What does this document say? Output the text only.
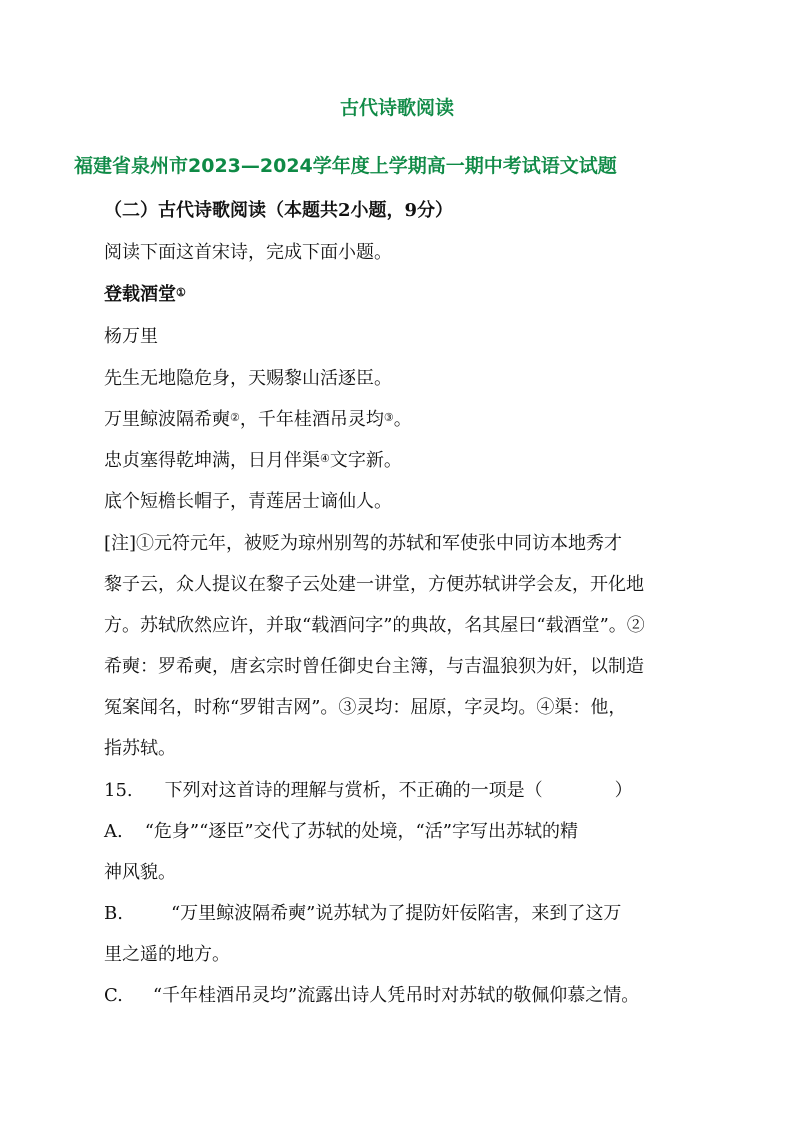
古代诗歌阅读
福建省泉州市2023—2024学年度上学期高一期中考试语文试题
（二）古代诗歌阅读（本题共2小题，9分）
阅读下面这首宋诗，完成下面小题。
登载酒堂①
杨万里
先生无地隐危身，天赐黎山活逐臣。
万里鲸波隔希奭②，千年桂酒吊灵均③。
忠贞塞得乾坤满，日月伴渠④文字新。
底个短檐长帽子，青莲居士谪仙人。
[注]①元符元年，被贬为琼州别驾的苏轼和军使张中同访本地秀才
黎子云，众人提议在黎子云处建一讲堂，方便苏轼讲学会友，开化地
方。苏轼欣然应许，并取“载酒问字”的典故，名其屋曰“载酒堂”。②
希奭：罗希奭，唐玄宗时曾任御史台主簿，与吉温狼狈为奸，以制造
冤案闻名，时称“罗钳吉网”。③灵均：屈原，字灵均。④渠：他，
指苏轼。
15. 下列对这首诗的理解与赏析，不正确的一项是（　　　　）
A. “危身”“逐臣”交代了苏轼的处境，“活”字写出苏轼的精
神风貌。
B.	“万里鲸波隔希奭”说苏轼为了提防奸佞陷害，来到了这万
里之遥的地方。
C. “千年桂酒吊灵均”流露出诗人凭吊时对苏轼的敬佩仰慕之情。
